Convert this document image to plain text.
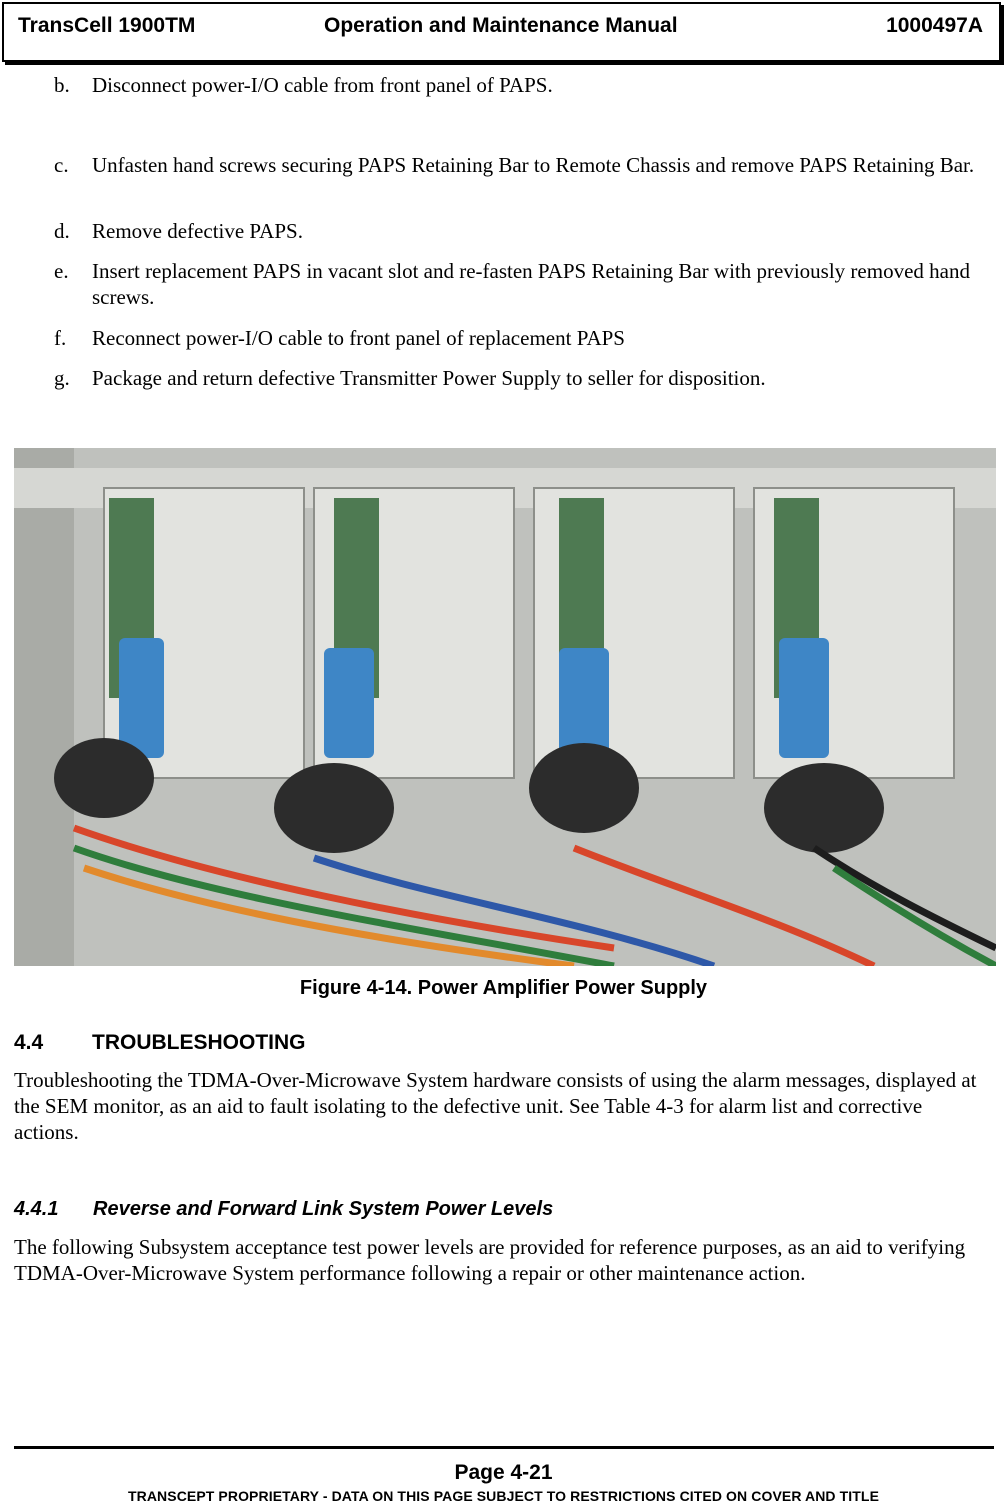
TransCell 1900TM	Operation and Maintenance Manual	1000497A
b. Disconnect power-I/O cable from front panel of PAPS.
c. Unfasten hand screws securing PAPS Retaining Bar to Remote Chassis and remove PAPS Retaining Bar.
d. Remove defective PAPS.
e. Insert replacement PAPS in vacant slot and re-fasten PAPS Retaining Bar with previously removed hand screws.
f. Reconnect power-I/O cable to front panel of replacement PAPS
g. Package and return defective Transmitter Power Supply to seller for disposition.
Figure 4-14. Power Amplifier Power Supply
4.4 TROUBLESHOOTING
Troubleshooting the TDMA-Over-Microwave System hardware consists of using the alarm messages, displayed at the SEM monitor, as an aid to fault isolating to the defective unit. See Table 4-3 for alarm list and corrective actions.
4.4.1 Reverse and Forward Link System Power Levels
The following Subsystem acceptance test power levels are provided for reference purposes, as an aid to verifying TDMA-Over-Microwave System performance following a repair or other maintenance action.
Page 4-21
TRANSCEPT PROPRIETARY - DATA ON THIS PAGE SUBJECT TO RESTRICTIONS CITED ON COVER AND TITLE
